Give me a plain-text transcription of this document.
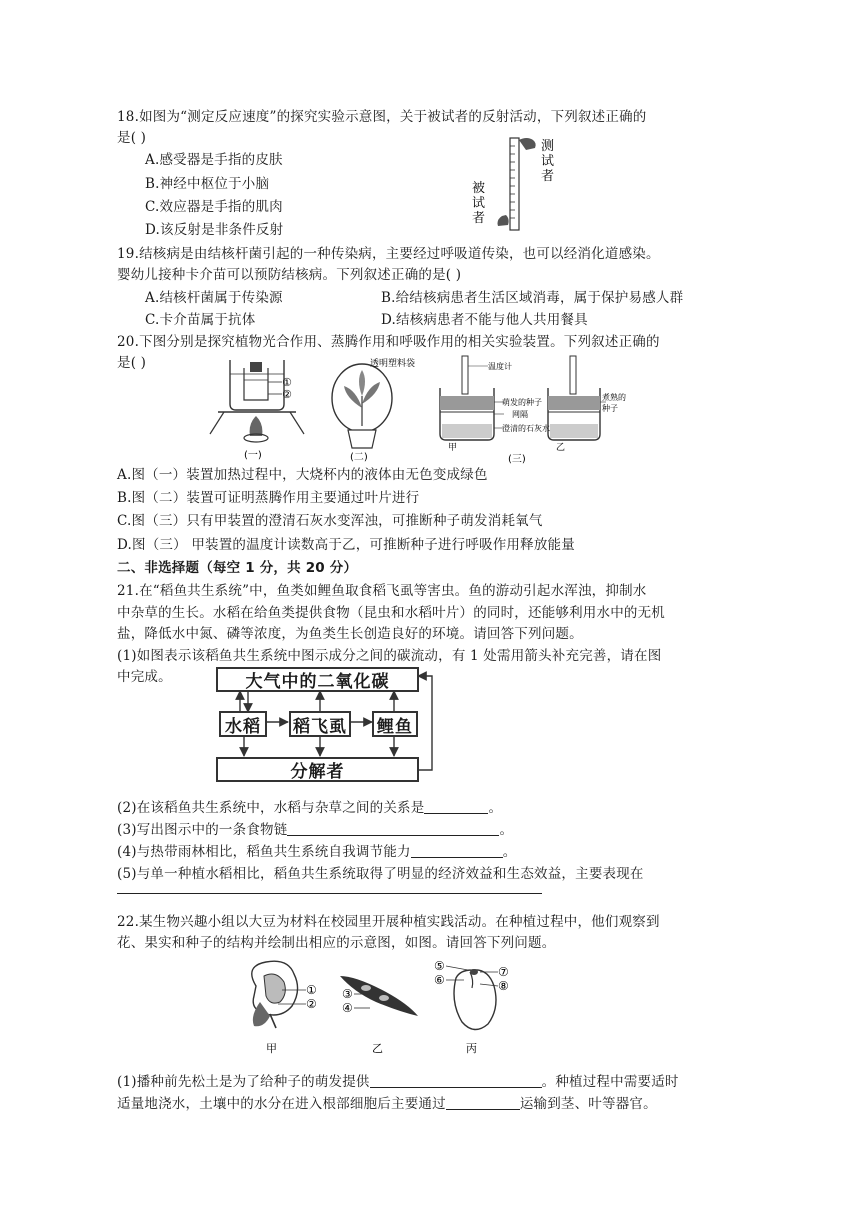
18.如图为“测定反应速度”的探究实验示意图，关于被试者的反射活动，下列叙述正确的
是( )
A.感受器是手指的皮肤
B.神经中枢位于小脑
C.效应器是手指的肌肉
D.该反射是非条件反射
测
试
者
被
试
者
19.结核病是由结核杆菌引起的一种传染病，主要经过呼吸道传染，也可以经消化道感染。
婴幼儿接种卡介苗可以预防结核病。下列叙述正确的是( )
A.结核杆菌属于传染源	B.给结核病患者生活区域消毒，属于保护易感人群
C.卡介苗属于抗体	D.结核病患者不能与他人共用餐具
20.下图分别是探究植物光合作用、蒸腾作用和呼吸作用的相关实验装置。下列叙述正确的
是( )
①
②
(一)
透明塑料袋
(二)
温度计
萌发的种子
网隔
澄清的石灰水
煮熟的
种子
甲	乙
(三)
A.图（一）装置加热过程中，大烧杯内的液体由无色变成绿色
B.图（二）装置可证明蒸腾作用主要通过叶片进行
C.图（三）只有甲装置的澄清石灰水变浑浊，可推断种子萌发消耗氧气
D.图（三） 甲装置的温度计读数高于乙，可推断种子进行呼吸作用释放能量
二、非选择题（每空 1 分，共 20 分）
21.在“稻鱼共生系统”中，鱼类如鲤鱼取食稻飞虱等害虫。鱼的游动引起水浑浊，抑制水
中杂草的生长。水稻在给鱼类提供食物（昆虫和水稻叶片）的同时，还能够利用水中的无机
盐，降低水中氮、磷等浓度，为鱼类生长创造良好的环境。请回答下列问题。
(1)如图表示该稻鱼共生系统中图示成分之间的碳流动，有 1 处需用箭头补充完善，请在图
中完成。	大气中的二氧化碳
水稻	稻飞虱 鲤鱼
分解者
(2)在该稻鱼共生系统中，水稻与杂草之间的关系是	。
(3)写出图示中的一条食物链	。
(4)与热带雨林相比，稻鱼共生系统自我调节能力	。
(5)与单一种植水稻相比，稻鱼共生系统取得了明显的经济效益和生态效益，主要表现在
22.某生物兴趣小组以大豆为材料在校园里开展种植实践活动。在种植过程中，他们观察到
花、果实和种子的结构并绘制出相应的示意图，如图。请回答下列问题。
①
②
甲
③
④
乙
⑤
⑥
⑦
⑧
丙
(1)播种前先松土是为了给种子的萌发提供	。种植过程中需要适时
适量地浇水，土壤中的水分在进入根部细胞后主要通过	运输到茎、叶等器官。
